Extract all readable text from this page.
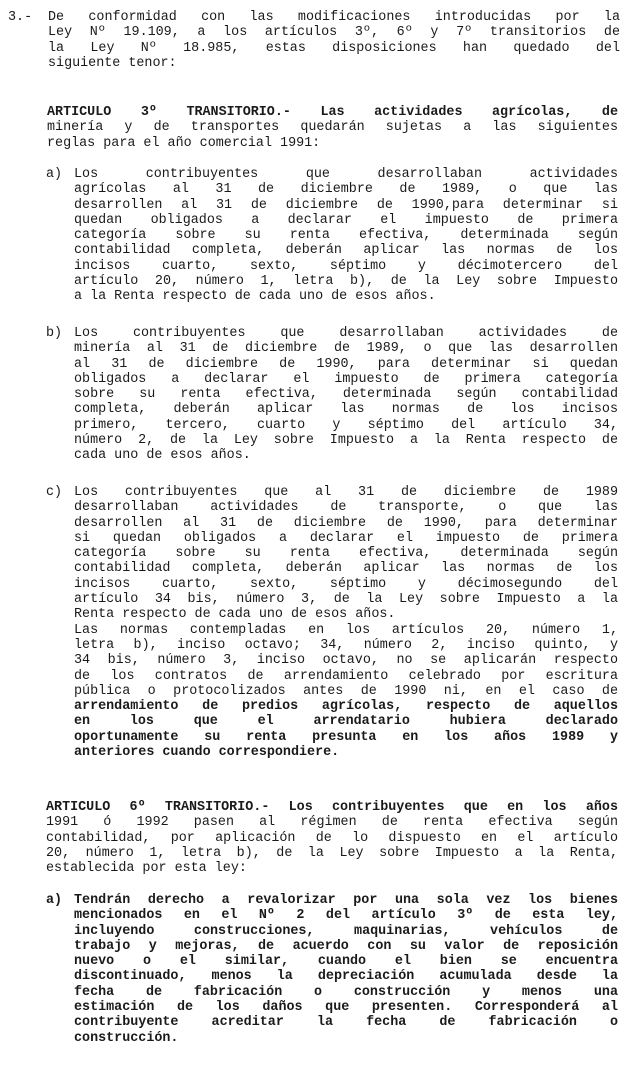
3.- De conformidad con las modificaciones introducidas por la
Ley Nº 19.109, a los artículos 3º, 6º y 7º transitorios de
la Ley Nº 18.985, estas disposiciones han quedado del
siguiente tenor:
ARTICULO 3º TRANSITORIO.- Las actividades agrícolas, de
minería y de transportes quedarán sujetas a las siguientes
reglas para el año comercial 1991:
a) Los contribuyentes que desarrollaban actividades
agrícolas al 31 de diciembre de 1989, o que las
desarrollen al 31 de diciembre de 1990,para determinar si
quedan obligados a declarar el impuesto de primera
categoría sobre su renta efectiva, determinada según
contabilidad completa, deberán aplicar las normas de los
incisos cuarto, sexto, séptimo y décimotercero del
artículo 20, número 1, letra b), de la Ley sobre Impuesto
a la Renta respecto de cada uno de esos años.
b) Los contribuyentes que desarrollaban actividades de
minería al 31 de diciembre de 1989, o que las desarrollen
al 31 de diciembre de 1990, para determinar si quedan
obligados a declarar el impuesto de primera categoría
sobre su renta efectiva, determinada según contabilidad
completa, deberán aplicar las normas de los incisos
primero, tercero, cuarto y séptimo del artículo 34,
número 2, de la Ley sobre Impuesto a la Renta respecto de
cada uno de esos años.
c) Los contribuyentes que al 31 de diciembre de 1989
desarrollaban actividades de transporte, o que las
desarrollen al 31 de diciembre de 1990, para determinar
si quedan obligados a declarar el impuesto de primera
categoría sobre su renta efectiva, determinada según
contabilidad completa, deberán aplicar las normas de los
incisos cuarto, sexto, séptimo y décimosegundo del
artículo 34 bis, número 3, de la Ley sobre Impuesto a la
Renta respecto de cada uno de esos años.
Las normas contempladas en los artículos 20, número 1,
letra b), inciso octavo; 34, número 2, inciso quinto, y
34 bis, número 3, inciso octavo, no se aplicarán respecto
de los contratos de arrendamiento celebrado por escritura
pública o protocolizados antes de 1990 ni, en el caso de
arrendamiento de predios agrícolas, respecto de aquellos
en los que el arrendatario hubiera declarado
oportunamente su renta presunta en los años 1989 y
anteriores cuando correspondiere.
ARTICULO 6º TRANSITORIO.- Los contribuyentes que en los años
1991 ó 1992 pasen al régimen de renta efectiva según
contabilidad, por aplicación de lo dispuesto en el artículo
20, número 1, letra b), de la Ley sobre Impuesto a la Renta,
establecida por esta ley:
a) Tendrán derecho a revalorizar por una sola vez los bienes
mencionados en el Nº 2 del artículo 3º de esta ley,
incluyendo construcciones, maquinarias, vehículos de
trabajo y mejoras, de acuerdo con su valor de reposición
nuevo o el similar, cuando el bien se encuentra
discontinuado, menos la depreciación acumulada desde la
fecha de fabricación o construcción y menos una
estimación de los daños que presenten. Corresponderá al
contribuyente acreditar la fecha de fabricación o
construcción.
